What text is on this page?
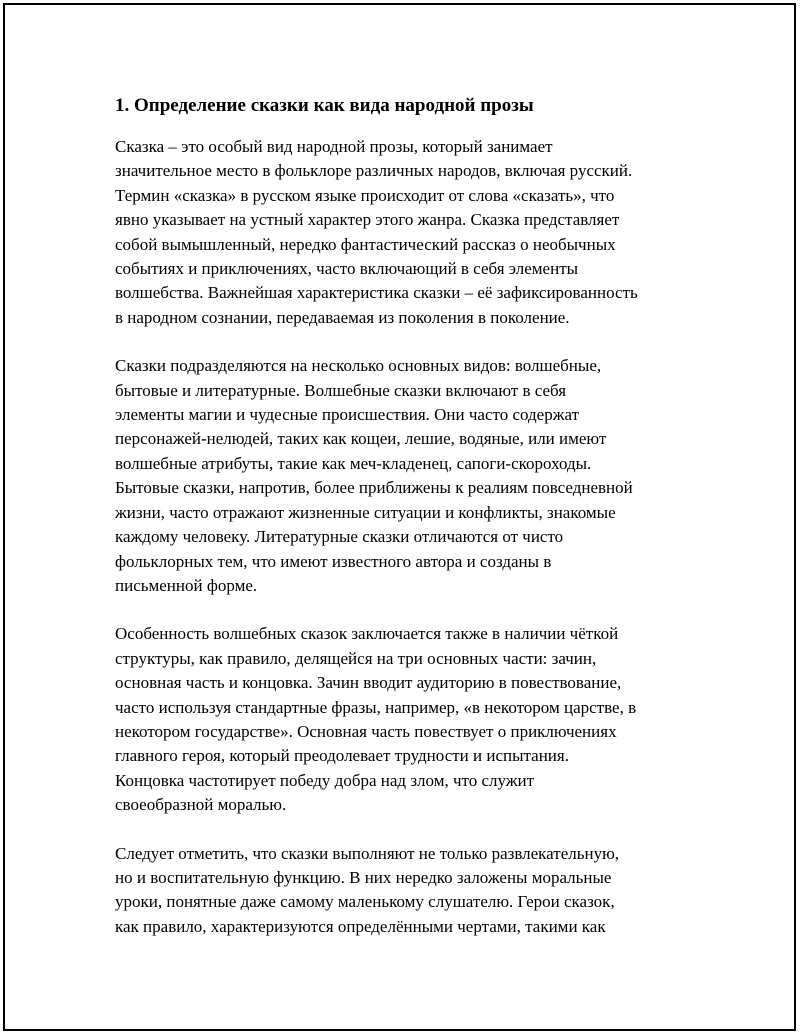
1. Определение сказки как вида народной прозы

Сказка – это особый вид народной прозы, который занимает
значительное место в фольклоре различных народов, включая русский.
Термин «сказка» в русском языке происходит от слова «сказать», что
явно указывает на устный характер этого жанра. Сказка представляет
собой вымышленный, нередко фантастический рассказ о необычных
событиях и приключениях, часто включающий в себя элементы
волшебства. Важнейшая характеристика сказки – её зафиксированность
в народном сознании, передаваемая из поколения в поколение.

Сказки подразделяются на несколько основных видов: волшебные,
бытовые и литературные. Волшебные сказки включают в себя
элементы магии и чудесные происшествия. Они часто содержат
персонажей-нелюдей, таких как кощеи, лешие, водяные, или имеют
волшебные атрибуты, такие как меч-кладенец, сапоги-скороходы.
Бытовые сказки, напротив, более приближены к реалиям повседневной
жизни, часто отражают жизненные ситуации и конфликты, знакомые
каждому человеку. Литературные сказки отличаются от чисто
фольклорных тем, что имеют известного автора и созданы в
письменной форме.

Особенность волшебных сказок заключается также в наличии чёткой
структуры, как правило, делящейся на три основных части: зачин,
основная часть и концовка. Зачин вводит аудиторию в повествование,
часто используя стандартные фразы, например, «в некотором царстве, в
некотором государстве». Основная часть повествует о приключениях
главного героя, который преодолевает трудности и испытания.
Концовка частотирует победу добра над злом, что служит
своеобразной моралью.

Следует отметить, что сказки выполняют не только развлекательную,
но и воспитательную функцию. В них нередко заложены моральные
уроки, понятные даже самому маленькому слушателю. Герои сказок,
как правило, характеризуются определёнными чертами, такими как
